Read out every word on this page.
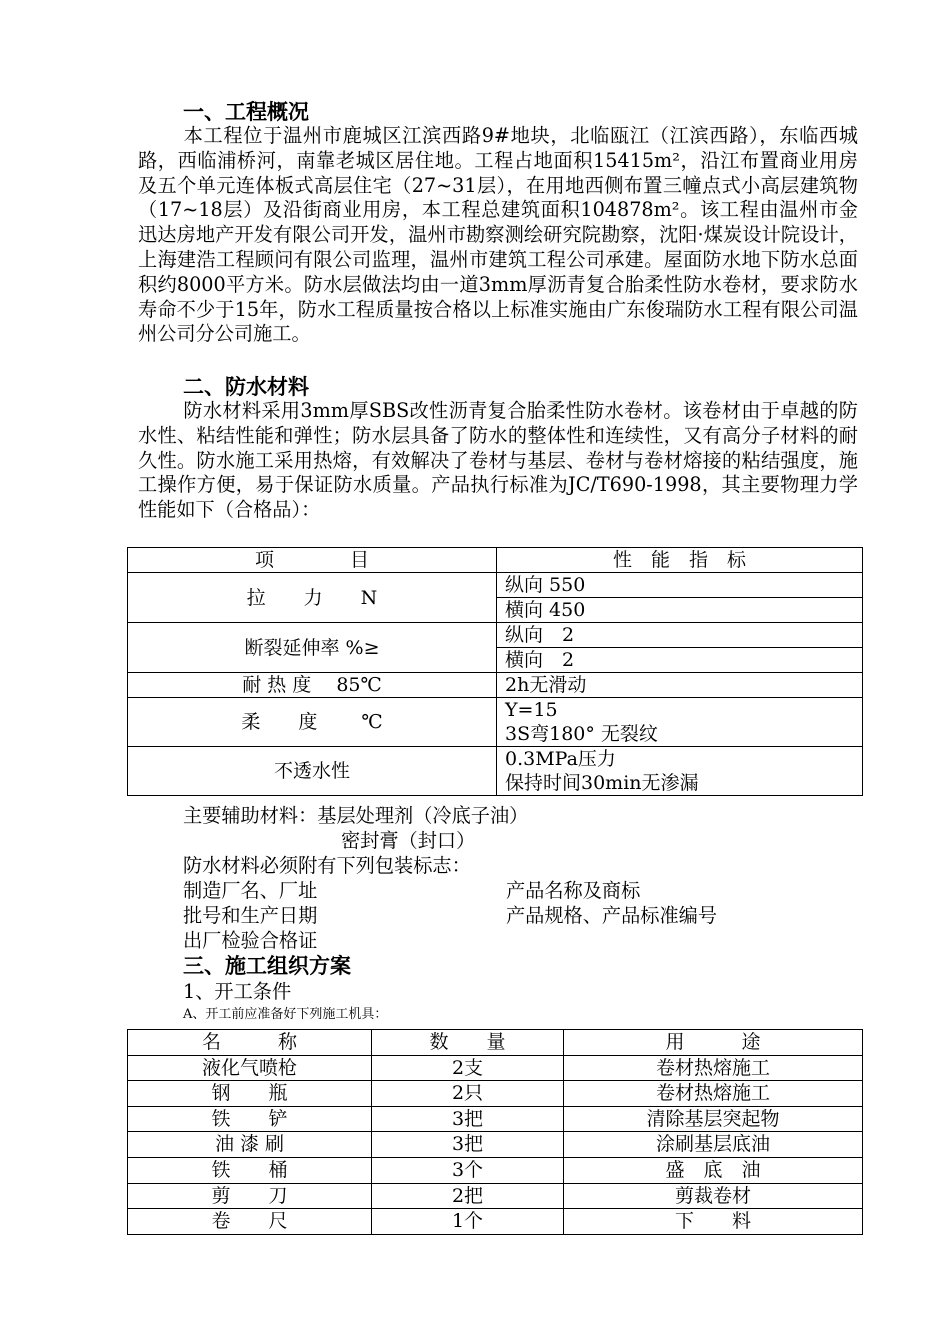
一、工程概况
本工程位于温州市鹿城区江滨西路9#地块，北临瓯江（江滨西路），东临西城路，西临浦桥河，南靠老城区居住地。工程占地面积15415m²，沿江布置商业用房及五个单元连体板式高层住宅（27~31层），在用地西侧布置三幢点式小高层建筑物（17~18层）及沿街商业用房，本工程总建筑面积104878m²。该工程由温州市金迅达房地产开发有限公司开发，温州市勘察测绘研究院勘察，沈阳·煤炭设计院设计，上海建浩工程顾问有限公司监理，温州市建筑工程公司承建。屋面防水地下防水总面积约8000平方米。防水层做法均由一道3mm厚沥青复合胎柔性防水卷材，要求防水寿命不少于15年，防水工程质量按合格以上标准实施由广东俊瑞防水工程有限公司温州公司分公司施工。
二、防水材料
防水材料采用3mm厚SBS改性沥青复合胎柔性防水卷材。该卷材由于卓越的防水性、粘结性能和弹性；防水层具备了防水的整体性和连续性，又有高分子材料的耐久性。防水施工采用热熔，有效解决了卷材与基层、卷材与卷材熔接的粘结强度，施工操作方便，易于保证防水质量。产品执行标准为JC/T690-1998，其主要物理力学性能如下（合格品）：
项　　　　目	性　能　指　标
拉　　力　　N	纵向 550
	横向 450
断裂延伸率 %≥	纵向　2
	横向　2
耐 热 度　 85℃	2h无滑动
柔　　度　　 ℃	Y=15
3S弯180° 无裂纹

不透水性	0.3MPa压力
保持时间30min无渗漏
主要辅助材料：基层处理剂（冷底子油）
密封膏（封口）
防水材料必须附有下列包装标志：
制造厂名、厂址	产品名称及商标
批号和生产日期	产品规格、产品标准编号
出厂检验合格证
三、施工组织方案
1、开工条件
A、开工前应准备好下列施工机具：
名　　　称	数　　量	用　　　途
液化气喷枪	2支	卷材热熔施工
钢　　瓶	2只	卷材热熔施工
铁　　铲	3把	清除基层突起物
油 漆 刷	3把	涂刷基层底油
铁　　桶	3个	盛　底　油
剪　　刀	2把	剪裁卷材
卷　　尺	1个	下　　料
